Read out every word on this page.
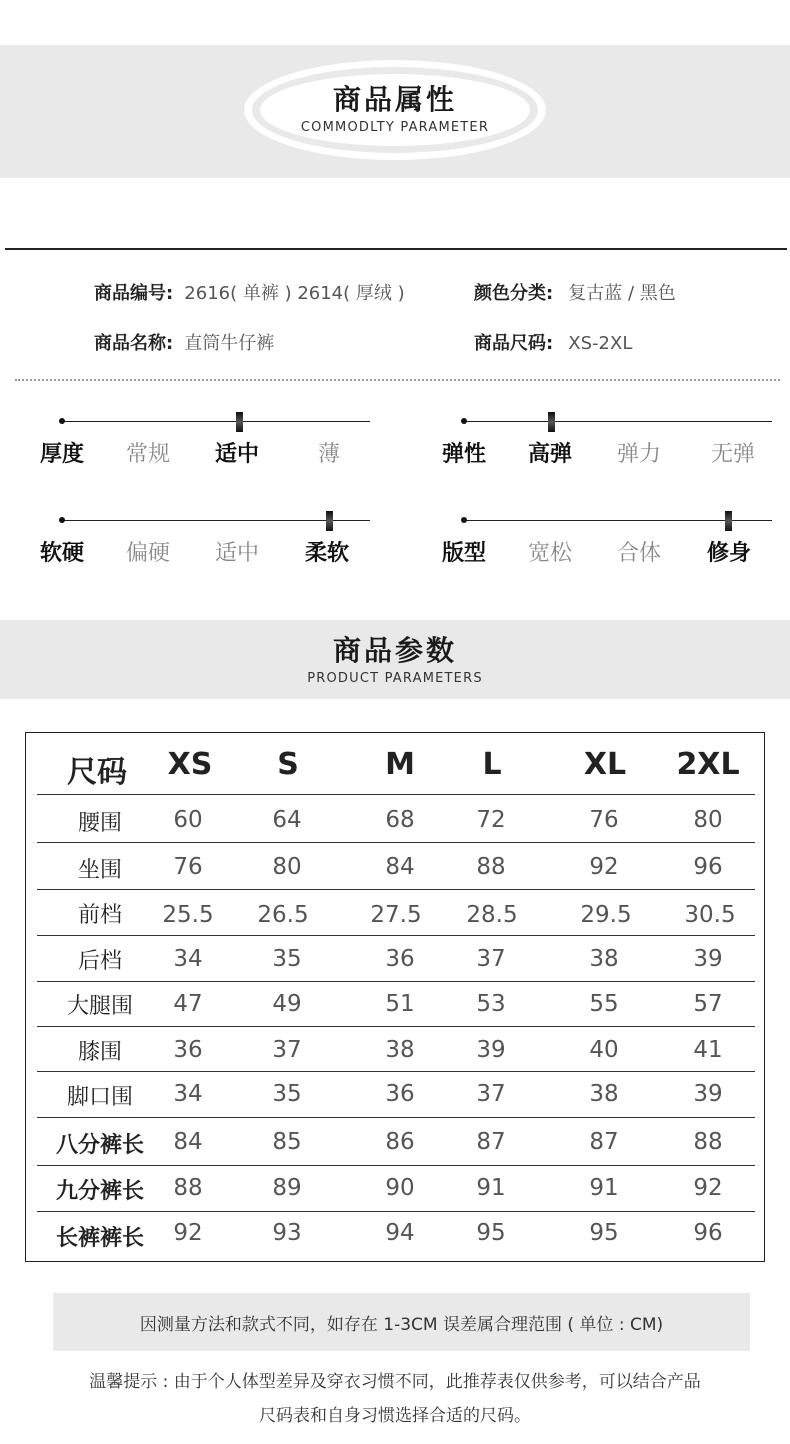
商品属性
COMMODLTY PARAMETER
商品编号: 2616( 单裤 ) 2614( 厚绒 )	颜色分类: 复古蓝 / 黑色
商品名称: 直筒牛仔裤	商品尺码: XS-2XL
厚度 常规 适中	薄	弹性 高弹 弹力 无弹
软硬 偏硬 适中 柔软	版型 宽松 合体 修身
商品参数
PRODUCT PARAMETERS
尺码	XS	S	M	L	XL	2XL
腰围	60	64	68	72	76	80
坐围	76	80	84	88	92	96
前档	25.5	26.5	27.5	28.5	29.5	30.5
后档	34	35	36	37	38	39
大腿围	47	49	51	53	55	57
膝围	36	37	38	39	40	41
脚口围	34	35	36	37	38	39
八分裤长	84	85	86	87	87	88
九分裤长	88	89	90	91	91	92
长裤裤长	92	93	94	95	95	96
因测量方法和款式不同，如存在 1-3CM 误差属合理范围 ( 单位 : CM)
温馨提示 : 由于个人体型差异及穿衣习惯不同，此推荐表仅供参考，可以结合产品
尺码表和自身习惯选择合适的尺码。
